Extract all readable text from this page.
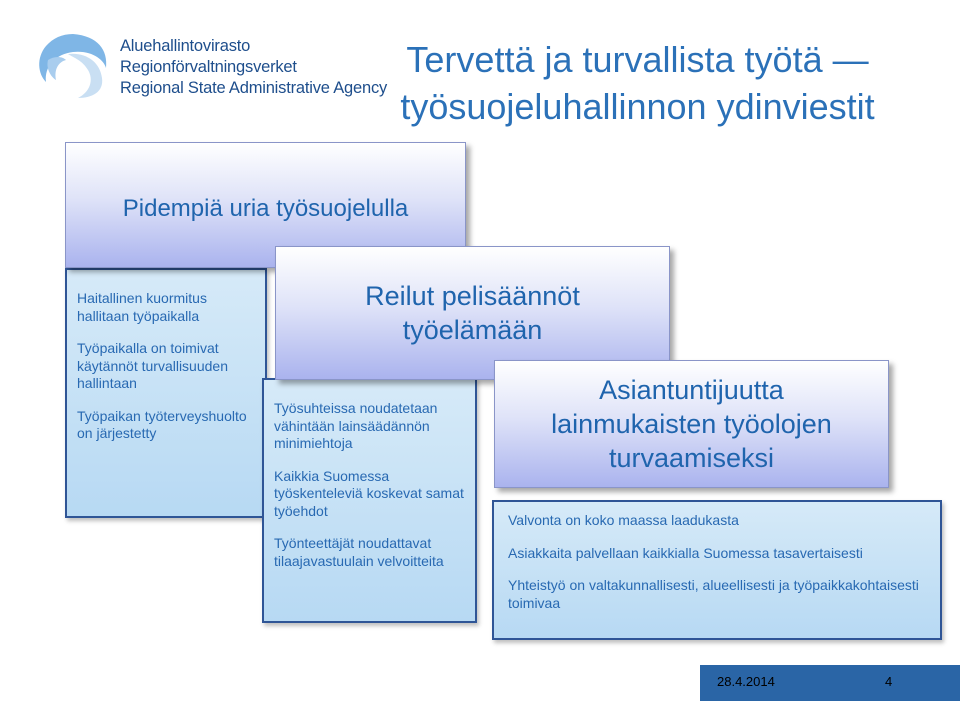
Aluehallintovirasto
Regionförvaltningsverket
Regional State Administrative Agency
Tervettä ja turvallista työtä —
työsuojeluhallinnon ydinviestit
Haitallinen kuormitus hallitaan työpaikalla
Työpaikalla on toimivat käytännöt turvallisuuden hallintaan
Työpaikan työterveyshuolto on järjestetty
Pidempiä uria työsuojelulla
Työsuhteissa noudatetaan vähintään lainsäädännön minimiehtoja
Kaikkia Suomessa työskenteleviä koskevat samat työehdot
Työnteettäjät noudattavat tilaajavastuulain velvoitteita
Reilut pelisäännöt
työelämään
Valvonta on koko maassa laadukasta
Asiakkaita palvellaan kaikkialla Suomessa tasavertaisesti
Yhteistyö on valtakunnallisesti, alueellisesti ja työpaikkakohtaisesti toimivaa
Asiantuntijuutta
lainmukaisten työolojen
turvaamiseksi
28.4.2014	4
